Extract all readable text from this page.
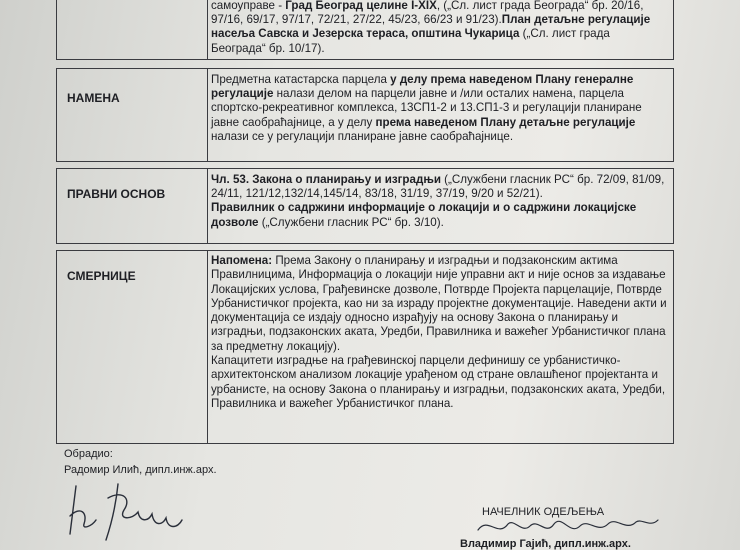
самоуправе - Град Београд целине I-XIX, („Сл. лист града Београда“ бр. 20/16,

97/16, 69/17, 97/17, 72/21, 27/22, 45/23, 66/23 и 91/23).План детаљне регулације

насеља Савска и Језерска тераса, општина Чукарица („Сл. лист града

Београда“ бр. 10/17).

НАМЕНА

Предметна катастарска парцела у делу према наведеном Плану генералне

регулације налази делом на парцели јавне и /или осталих намена, парцела

спортско-рекреативног комплекса, 13СП1-2 и 13.СП1-3 и регулацији планиране

јавне саобраћајнице, а у делу према наведеном Плану детаљне регулације

налази се у регулацији планиране јавне саобраћајнице.

ПРАВНИ ОСНОВ

Чл. 53. Закона о планирању и изградњи („Службени гласник РС“ бр. 72/09, 81/09,

24/11, 121/12,132/14,145/14, 83/18, 31/19, 37/19, 9/20 и 52/21).

Правилник о садржини информације о локацији и о садржини локацијске

дозволе („Службени гласник РС“ бр. 3/10).

СМЕРНИЦЕ

Напомена: Према Закону о планирању и изградњи и подзаконским актима

Правилницима, Информација о локацији није управни акт и није основ за издавање

Локацијских услова, Грађевинске дозволе, Потврде Пројекта парцелације, Потврде

Урбанистичког пројекта, као ни за израду пројектне документације. Наведени акти и

документација се издају односно израђују на основу Закона о планирању и

изградњи, подзаконских аката, Уредби, Правилника и важећег Урбанистичког плана

за предметну локацију).

Капацитети изградње на грађевинској парцели дефинишу се урбанистичко-

архитектонском анализом локације урађеном од стране овлашћеног пројектанта и

урбанисте, на основу Закона о планирању и изградњи, подзаконских аката, Уредби,

Правилника и важећег Урбанистичког плана.

Обрадио:
Радомир Илић, дипл.инж.арх.
НАЧЕЛНИК ОДЕЉЕЊА
Владимир Гајић, дипл.инж.арх.
